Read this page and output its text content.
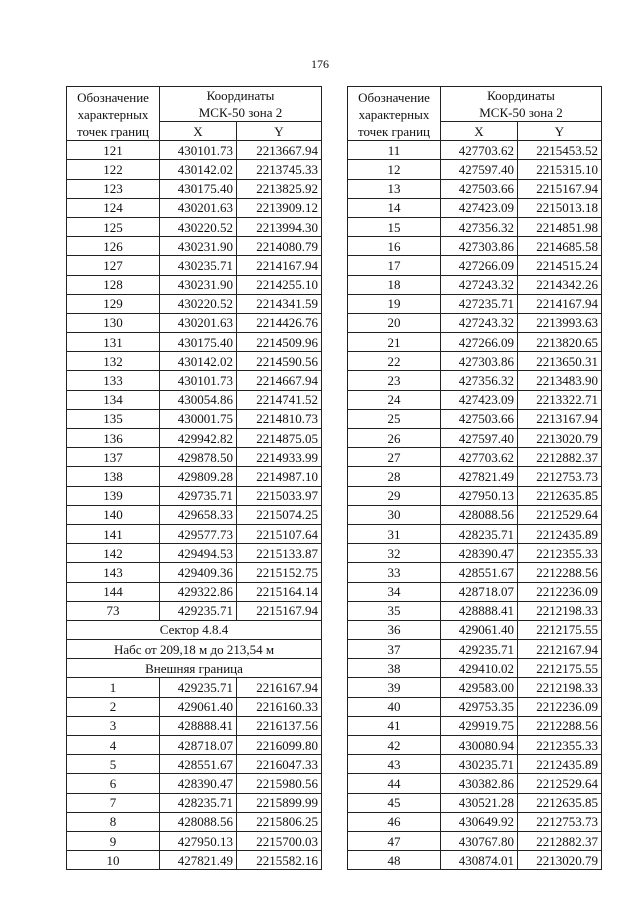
176
Обозначение
характерных
точек границ	Координаты
МСК-50 зона 2	

	X	Y
121	430101.73	2213667.94
122	430142.02	2213745.33
123	430175.40	2213825.92
124	430201.63	2213909.12
125	430220.52	2213994.30
126	430231.90	2214080.79
127	430235.71	2214167.94
128	430231.90	2214255.10
129	430220.52	2214341.59
130	430201.63	2214426.76
131	430175.40	2214509.96
132	430142.02	2214590.56
133	430101.73	2214667.94
134	430054.86	2214741.52
135	430001.75	2214810.73
136	429942.82	2214875.05
137	429878.50	2214933.99
138	429809.28	2214987.10
139	429735.71	2215033.97
140	429658.33	2215074.25
141	429577.73	2215107.64
142	429494.53	2215133.87
143	429409.36	2215152.75
144	429322.86	2215164.14
73	429235.71	2215167.94
Сектор 4.8.4		
Набс от 209,18 м до 213,54 м		
Внешняя граница		
1	429235.71	2216167.94
2	429061.40	2216160.33
3	428888.41	2216137.56
4	428718.07	2216099.80
5	428551.67	2216047.33
6	428390.47	2215980.56
7	428235.71	2215899.99
8	428088.56	2215806.25
9	427950.13	2215700.03
10	427821.49	2215582.16
Обозначение
характерных
точек границ	Координаты
МСК-50 зона 2	

	X	Y
11	427703.62	2215453.52
12	427597.40	2215315.10
13	427503.66	2215167.94
14	427423.09	2215013.18
15	427356.32	2214851.98
16	427303.86	2214685.58
17	427266.09	2214515.24
18	427243.32	2214342.26
19	427235.71	2214167.94
20	427243.32	2213993.63
21	427266.09	2213820.65
22	427303.86	2213650.31
23	427356.32	2213483.90
24	427423.09	2213322.71
25	427503.66	2213167.94
26	427597.40	2213020.79
27	427703.62	2212882.37
28	427821.49	2212753.73
29	427950.13	2212635.85
30	428088.56	2212529.64
31	428235.71	2212435.89
32	428390.47	2212355.33
33	428551.67	2212288.56
34	428718.07	2212236.09
35	428888.41	2212198.33
36	429061.40	2212175.55
37	429235.71	2212167.94
38	429410.02	2212175.55
39	429583.00	2212198.33
40	429753.35	2212236.09
41	429919.75	2212288.56
42	430080.94	2212355.33
43	430235.71	2212435.89
44	430382.86	2212529.64
45	430521.28	2212635.85
46	430649.92	2212753.73
47	430767.80	2212882.37
48	430874.01	2213020.79
